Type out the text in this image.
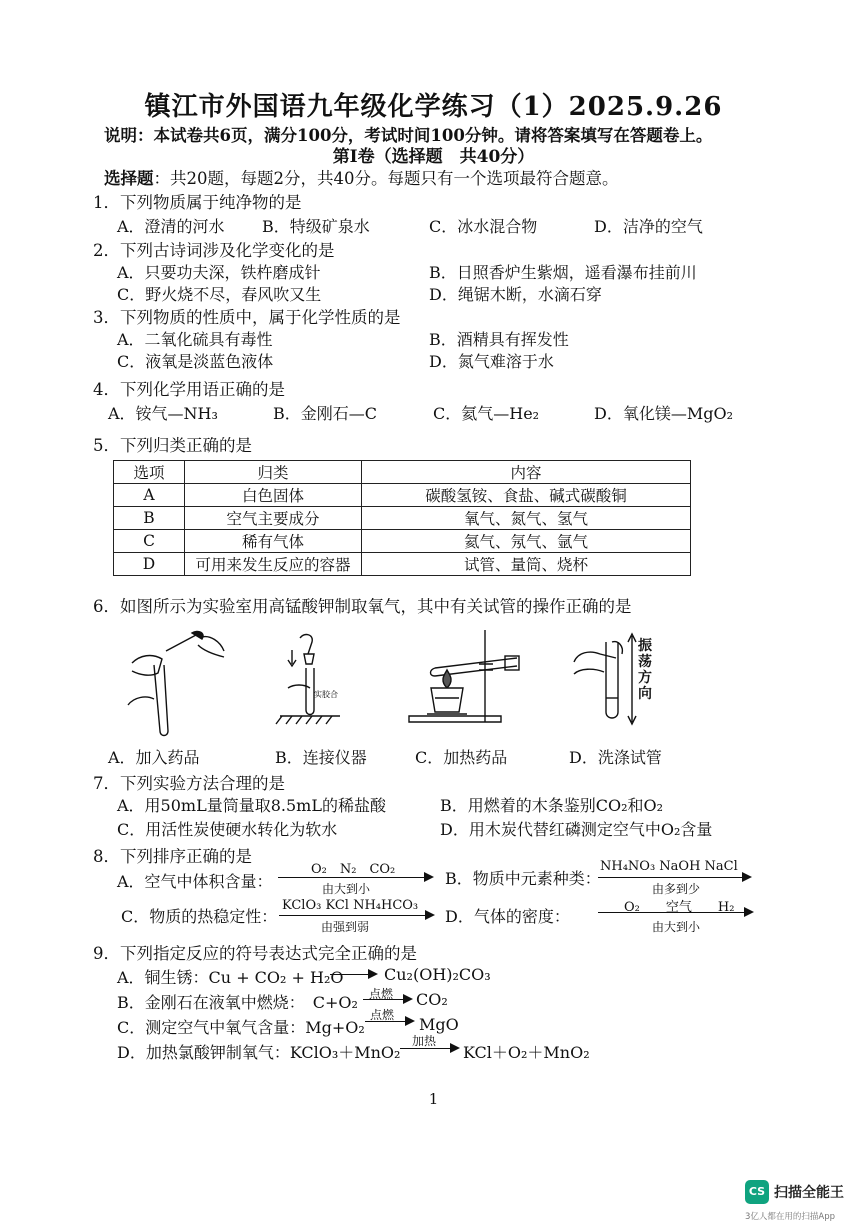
镇江市外国语九年级化学练习（1）2025.9.26
说明：本试卷共6页，满分100分，考试时间100分钟。请将答案填写在答题卷上。
第Ⅰ卷（选择题　共40分）
选择题：共20题，每题2分，共40分。每题只有一个选项最符合题意。
1．下列物质属于纯净物的是
A．澄清的河水 B．特级矿泉水	C．冰水混合物	D．洁净的空气
2．下列古诗词涉及化学变化的是
A．只要功夫深，铁杵磨成针	B．日照香炉生紫烟，遥看瀑布挂前川
C．野火烧不尽，春风吹又生	D．绳锯木断，水滴石穿
3．下列物质的性质中，属于化学性质的是
A．二氧化硫具有毒性	B．酒精具有挥发性
C．液氧是淡蓝色液体	D．氮气难溶于水
4．下列化学用语正确的是
A．铵气—NH₃	B．金刚石—C	C．氦气—He₂	D．氧化镁—MgO₂
5．下列归类正确的是
选项	归类	内容
A	白色固体	碳酸氢铵、食盐、碱式碳酸铜
B	空气主要成分	氧气、氮气、氢气
C	稀有气体	氦气、氖气、氩气
D	可用来发生反应的容器	试管、量筒、烧杯
6．如图所示为实验室用高锰酸钾制取氧气，其中有关试管的操作正确的是
实胶合
振荡方向
A．加入药品	B．连接仪器	C．加热药品	D．洗涤试管
7．下列实验方法合理的是
A．用50mL量筒量取8.5mL的稀盐酸	B．用燃着的木条鉴别CO₂和O₂
C．用活性炭使硬水转化为软水	D．用木炭代替红磷测定空气中O₂含量
8．下列排序正确的是
A．空气中体积含量：
O₂　N₂　CO₂
由大到小
B．物质中元素种类：
NH₄NO₃ NaOH NaCl
由多到少
C．物质的热稳定性：
KClO₃ KCl NH₄HCO₃
由强到弱
D．气体的密度：	O₂　　空气　　H₂
由大到小
9．下列指定反应的符号表达式完全正确的是
A．铜生锈：Cu + CO₂ + H₂O	Cu₂(OH)₂CO₃
B．金刚石在液氧中燃烧：　C+O₂ 点燃 CO₂
C．测定空气中氧气含量：Mg+O₂
点燃 MgO
D．加热氯酸钾制氧气：KClO₃＋MnO₂
加热
KCl＋O₂＋MnO₂
1
CS 扫描全能王
3亿人都在用的扫描App
